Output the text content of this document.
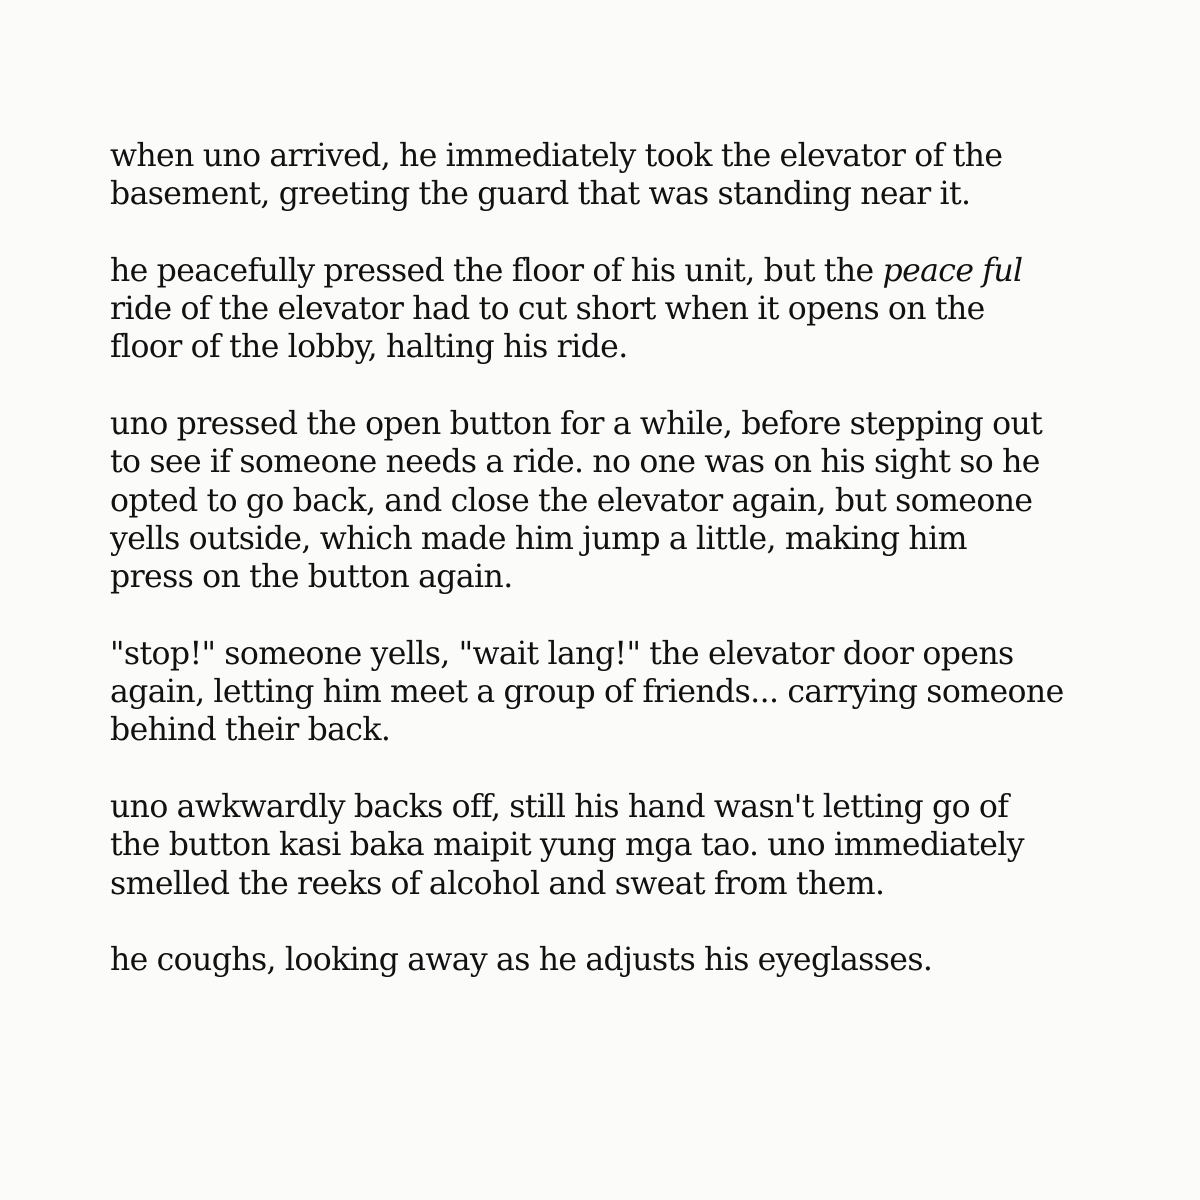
when uno arrived, he immediately took the elevator of the
basement, greeting the guard that was standing near it.

he peacefully pressed the floor of his unit, but the peace ful
ride of the elevator had to cut short when it opens on the
floor of the lobby, halting his ride.

uno pressed the open button for a while, before stepping out
to see if someone needs a ride. no one was on his sight so he
opted to go back, and close the elevator again, but someone
yells outside, which made him jump a little, making him
press on the button again.

"stop!" someone yells, "wait lang!" the elevator door opens
again, letting him meet a group of friends... carrying someone
behind their back.

uno awkwardly backs off, still his hand wasn't letting go of
the button kasi baka maipit yung mga tao. uno immediately
smelled the reeks of alcohol and sweat from them.

he coughs, looking away as he adjusts his eyeglasses.
